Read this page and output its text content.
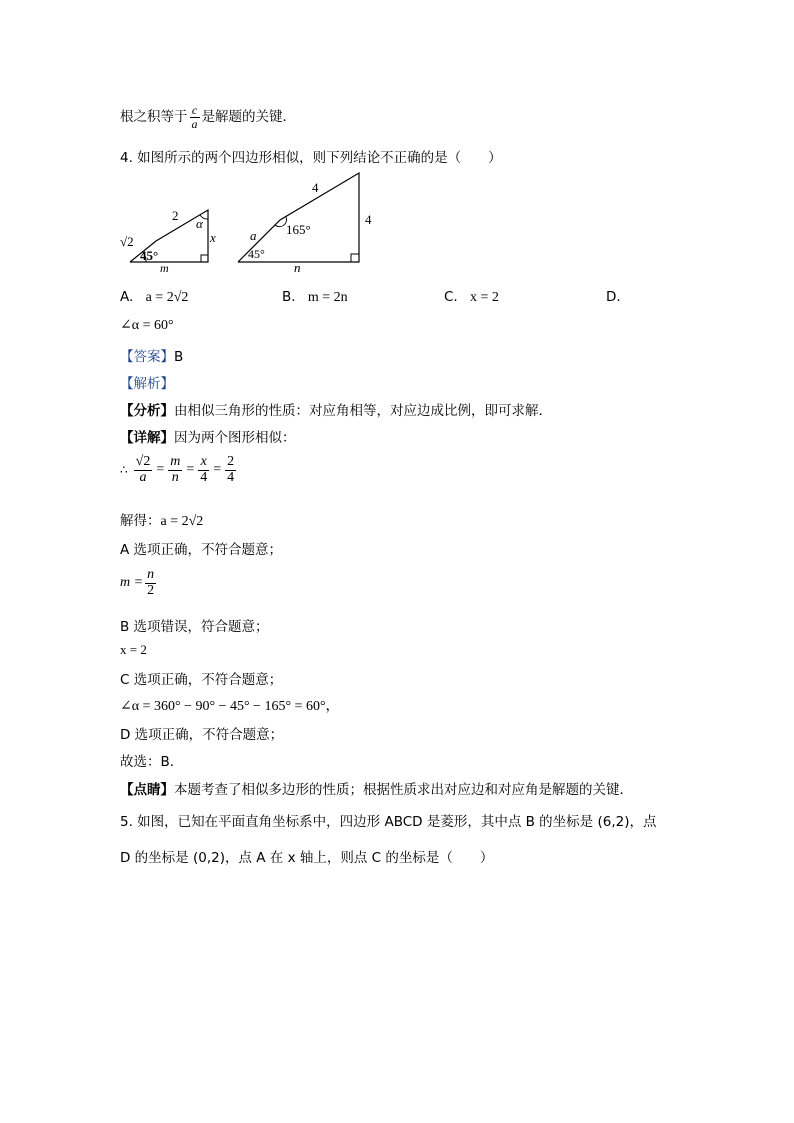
根之积等于 $\frac{c}{a}$ 是解题的关键．
4. 如图所示的两个四边形相似，则下列结论不正确的是（　　）
2
√2
α
x
45°
m
4
4
165°
a
45°
n
A. a = 2√2	B. m = 2n	C. x = 2	D.
∠α = 60°
【答案】B
【解析】
【分析】由相似三角形的性质：对应角相等，对应边成比例，即可求解．
【详解】因为两个图形相似：
∴ $\frac{√2}{a} = \frac{m}{n} = \frac{x}{4} = \frac{2}{4}$
解得：a = 2√2
A 选项正确，不符合题意；
$m = \frac{n}{2}$
B 选项错误，符合题意；
x = 2
C 选项正确，不符合题意；
∠α = 360° − 90° − 45° − 165° = 60°，
D 选项正确，不符合题意；
故选：B．
【点睛】本题考查了相似多边形的性质；根据性质求出对应边和对应角是解题的关键．
5. 如图，已知在平面直角坐标系中，四边形 ABCD 是菱形，其中点 B 的坐标是 (6,2)，点
D 的坐标是 (0,2)，点 A 在 x 轴上，则点 C 的坐标是（　　）
